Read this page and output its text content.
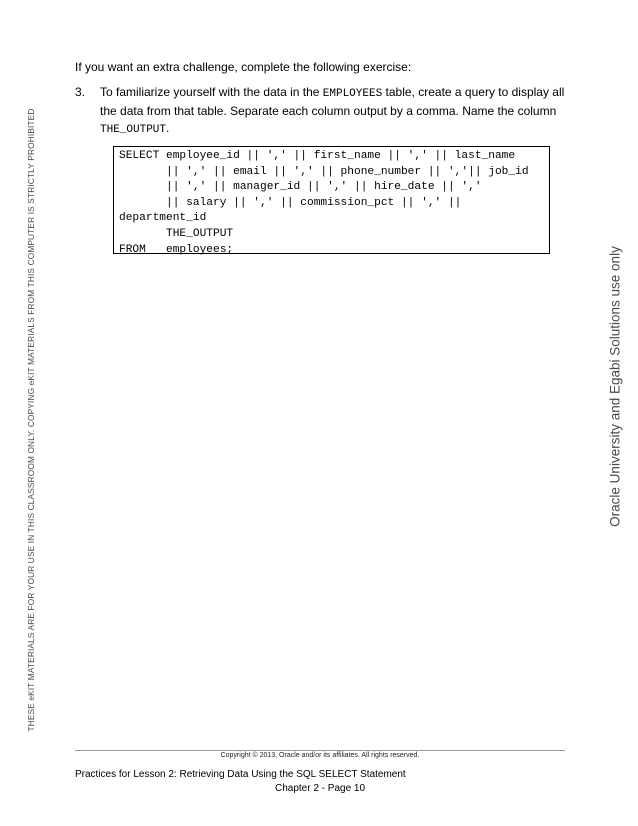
THESE eKIT MATERIALS ARE FOR YOUR USE IN THIS CLASSROOM ONLY. COPYING eKIT MATERIALS FROM THIS COMPUTER IS STRICTLY PROHIBITED	Oracle University and Egabi Solutions use only
If you want an extra challenge, complete the following exercise:
3. To familiarize yourself with the data in the EMPLOYEES table, create a query to display all the data from that table. Separate each column output by a comma. Name the column THE_OUTPUT.
SELECT employee_id || ',' || first_name || ',' || last_name
|| ',' || email || ',' || phone_number || ','|| job_id
|| ',' || manager_id || ',' || hire_date || ','
|| salary || ',' || commission_pct || ',' ||
department_id
THE_OUTPUT
FROM   employees;
Copyright © 2013, Oracle and/or its affiliates. All rights reserved.
Practices for Lesson 2: Retrieving Data Using the SQL SELECT Statement
Chapter 2 - Page 10
